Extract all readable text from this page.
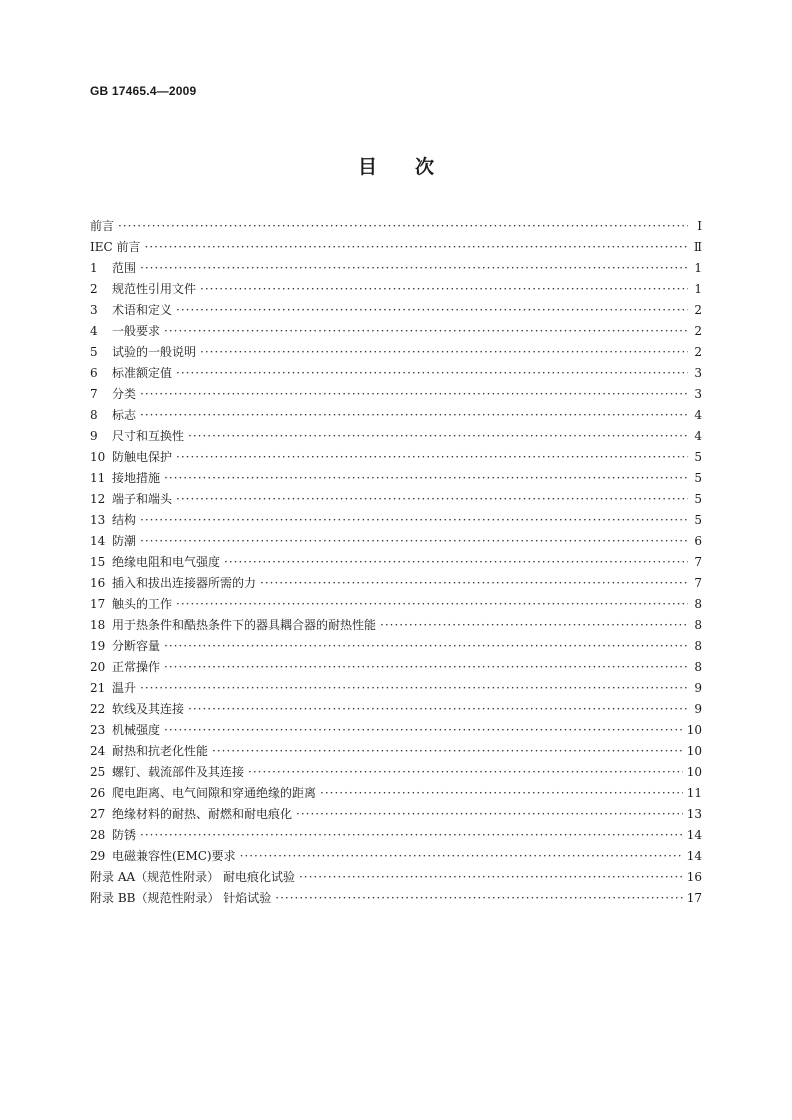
GB 17465.4—2009
目 次
前言 ·····	Ⅰ
IEC 前言 ·····	Ⅱ
1	范围 ·····	1
2	规范性引用文件 ·····	1
3	术语和定义 ·····	2
4	一般要求 ·····	2
5	试验的一般说明 ·····	2
6	标准额定值 ·····	3
7	分类 ·····	3
8	标志 ·····	4
9	尺寸和互换性 ·····	4
10 防触电保护 ·····	5
11 接地措施 ·····	5
12 端子和端头 ·····	5
13 结构 ·····	5
14 防潮 ·····	6
15 绝缘电阻和电气强度 ·····	7
16 插入和拔出连接器所需的力 ·····	7
17 触头的工作 ·····	8
18 用于热条件和酷热条件下的器具耦合器的耐热性能 ·····	8
19 分断容量 ·····	8
20 正常操作 ·····	8
21 温升 ·····	9
22 软线及其连接 ·····	9
23 机械强度 ·····	10
24 耐热和抗老化性能 ·····	10
25 螺钉、载流部件及其连接 ·····	10
26 爬电距离、电气间隙和穿通绝缘的距离 ·····	11
27 绝缘材料的耐热、耐燃和耐电痕化 ·····	13
28 防锈 ·····	14
29 电磁兼容性(EMC)要求 ·····	14
附录 AA（规范性附录） 耐电痕化试验 ·····	16
附录 BB（规范性附录） 针焰试验 ·····	17
